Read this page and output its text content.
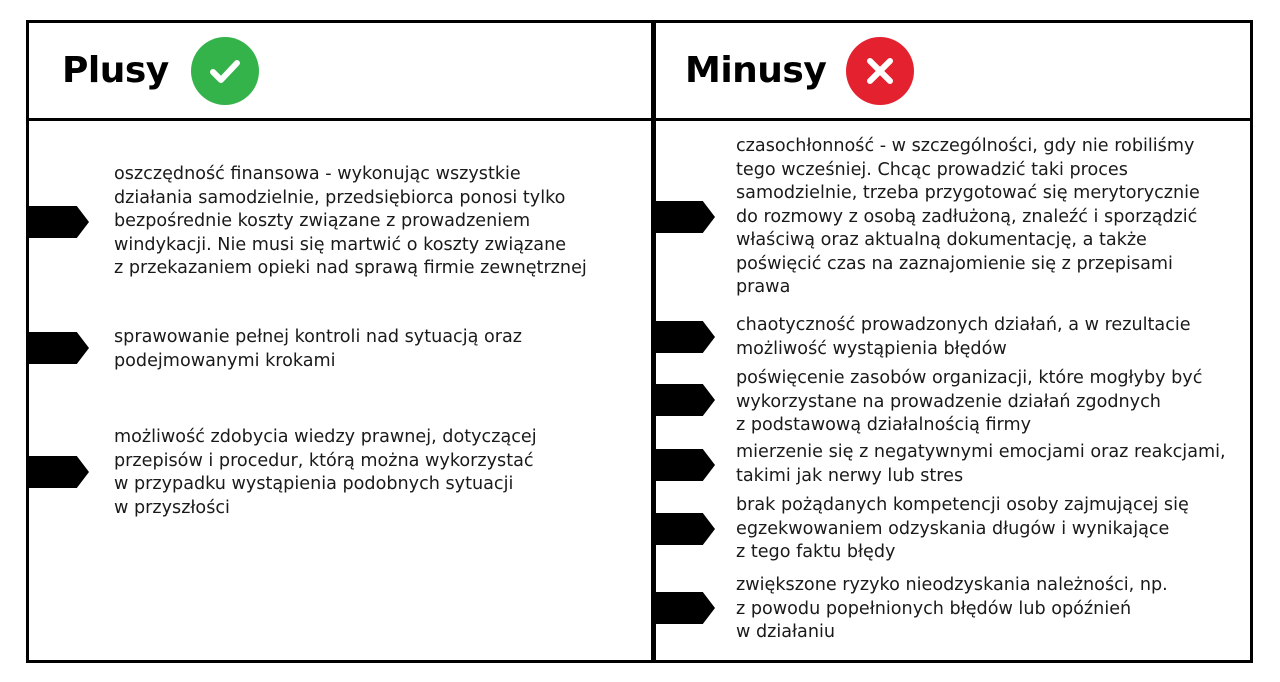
Plusy	Minusy
oszczędność finansowa - wykonując wszystkie
działania samodzielnie, przedsiębiorca ponosi tylko
bezpośrednie koszty związane z prowadzeniem
windykacji. Nie musi się martwić o koszty związane
z przekazaniem opieki nad sprawą firmie zewnętrznej
sprawowanie pełnej kontroli nad sytuacją oraz
podejmowanymi krokami
możliwość zdobycia wiedzy prawnej, dotyczącej
przepisów i procedur, którą można wykorzystać
w przypadku wystąpienia podobnych sytuacji
w przyszłości
czasochłonność - w szczególności, gdy nie robiliśmy
tego wcześniej. Chcąc prowadzić taki proces
samodzielnie, trzeba przygotować się merytorycznie
do rozmowy z osobą zadłużoną, znaleźć i sporządzić
właściwą oraz aktualną dokumentację, a także
poświęcić czas na zaznajomienie się z przepisami
prawa
chaotyczność prowadzonych działań, a w rezultacie
możliwość wystąpienia błędów
poświęcenie zasobów organizacji, które mogłyby być
wykorzystane na prowadzenie działań zgodnych
z podstawową działalnością firmy
mierzenie się z negatywnymi emocjami oraz reakcjami,
takimi jak nerwy lub stres
brak pożądanych kompetencji osoby zajmującej się
egzekwowaniem odzyskania długów i wynikające
z tego faktu błędy
zwiększone ryzyko nieodzyskania należności, np.
z powodu popełnionych błędów lub opóźnień
w działaniu
